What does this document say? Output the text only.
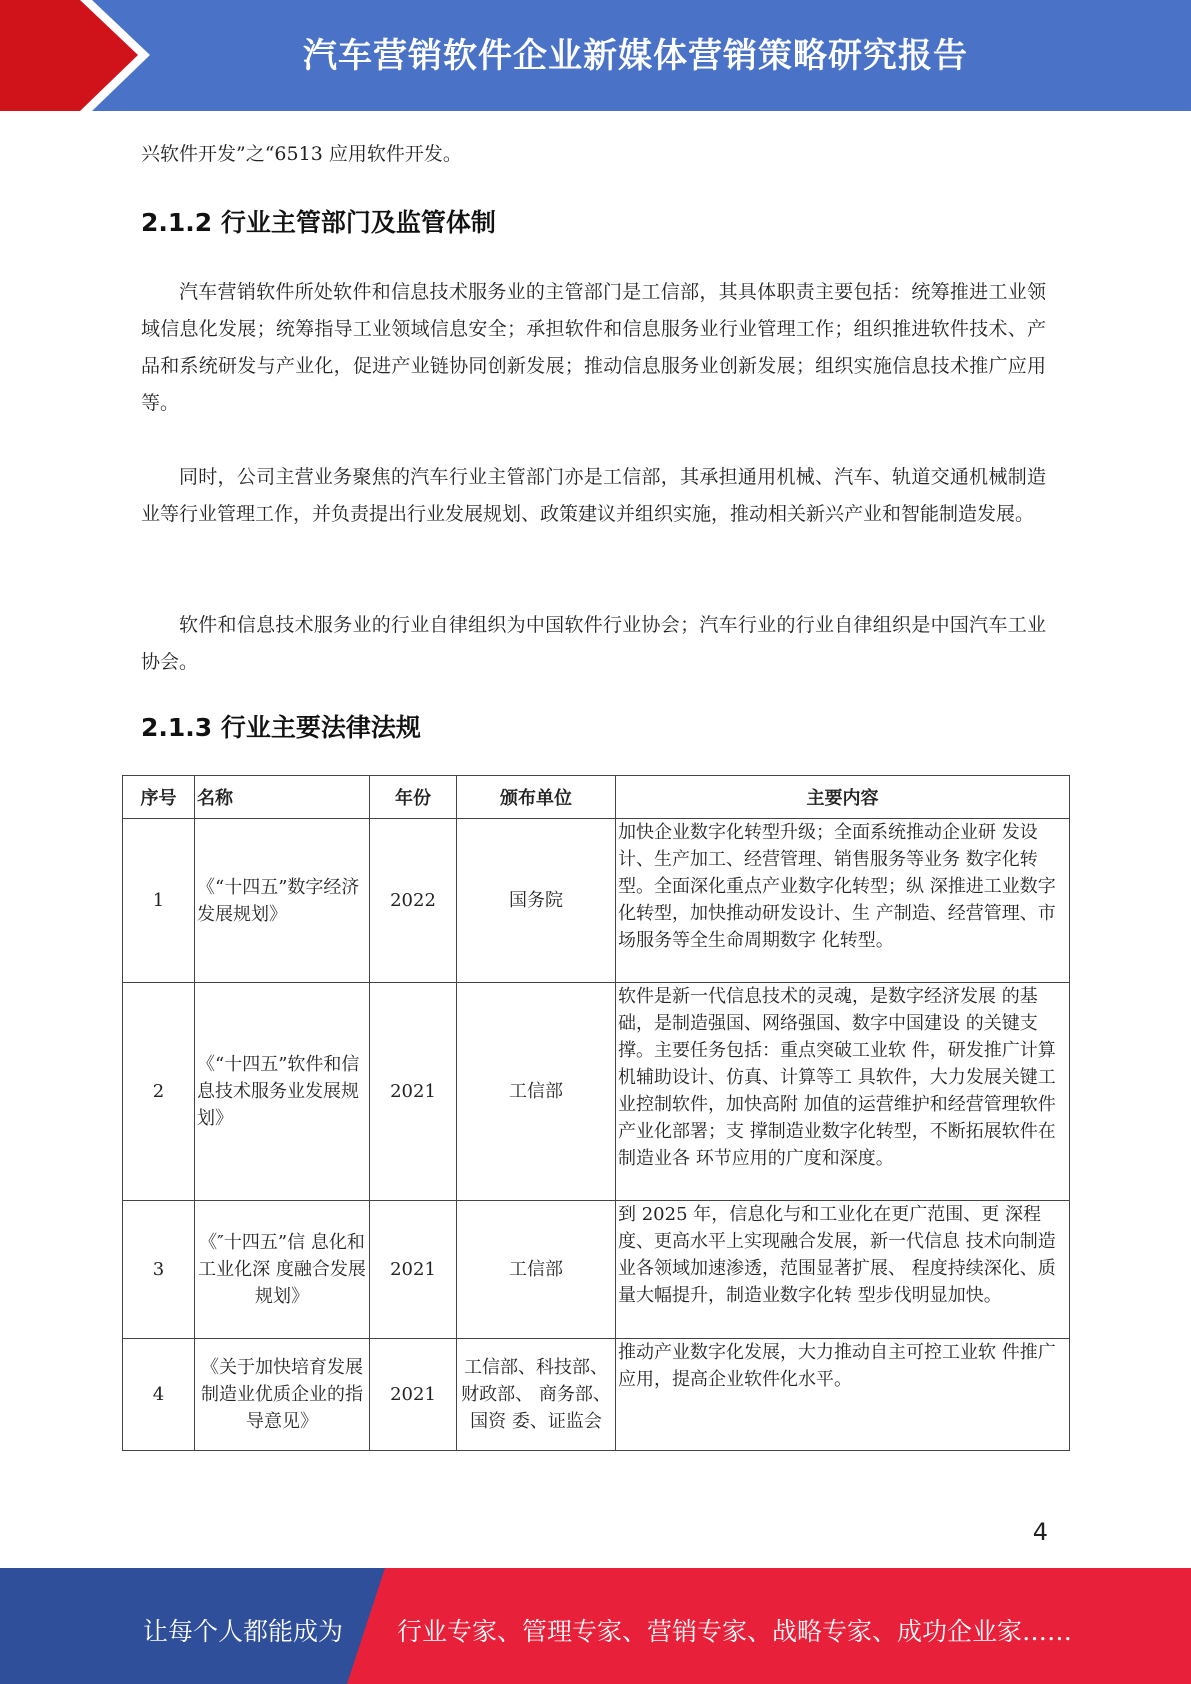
汽车营销软件企业新媒体营销策略研究报告
兴软件开发”之“6513 应用软件开发。
2.1.2 行业主管部门及监管体制
汽车营销软件所处软件和信息技术服务业的主管部门是工信部，其具体职责主要包括：统筹推进工业领域信息化发展；统筹指导工业领域信息安全；承担软件和信息服务业行业管理工作；组织推进软件技术、产品和系统研发与产业化，促进产业链协同创新发展；推动信息服务业创新发展；组织实施信息技术推广应用等。
同时，公司主营业务聚焦的汽车行业主管部门亦是工信部，其承担通用机械、汽车、轨道交通机械制造业等行业管理工作，并负责提出行业发展规划、政策建议并组织实施，推动相关新兴产业和智能制造发展。
软件和信息技术服务业的行业自律组织为中国软件行业协会；汽车行业的行业自律组织是中国汽车工业协会。
2.1.3 行业主要法律法规
序号	名称	年份	颁布单位	主要内容
1	《“十四五”数字经济发展规划》	2022	国务院	加快企业数字化转型升级；全面系统推动企业研 发设计、生产加工、经营管理、销售服务等业务 数字化转型。全面深化重点产业数字化转型；纵 深推进工业数字化转型，加快推动研发设计、生 产制造、经营管理、市场服务等全生命周期数字 化转型。
2	《“十四五”软件和信息技术服务业发展规划》	2021	工信部	软件是新一代信息技术的灵魂，是数字经济发展 的基础，是制造强国、网络强国、数字中国建设 的关键支撑。主要任务包括：重点突破工业软 件，研发推广计算机辅助设计、仿真、计算等工 具软件，大力发展关键工业控制软件，加快高附 加值的运营维护和经营管理软件产业化部署；支 撑制造业数字化转型，不断拓展软件在制造业各 环节应用的广度和深度。
3	《″十四五”信 息化和工业化深 度融合发展规划》	2021	工信部	到 2025 年，信息化与和工业化在更广范围、更 深程度、更高水平上实现融合发展，新一代信息 技术向制造业各领域加速渗透，范围显著扩展、 程度持续深化、质量大幅提升，制造业数字化转 型步伐明显加快。
4	《关于加快培育发展制造业优质企业的指导意见》	2021	工信部、科技部、财政部、 商务部、国资 委、证监会	推动产业数字化发展，大力推动自主可控工业软 件推广应用，提高企业软件化水平。
4
让每个人都能成为 行业专家、管理专家、营销专家、战略专家、成功企业家……
